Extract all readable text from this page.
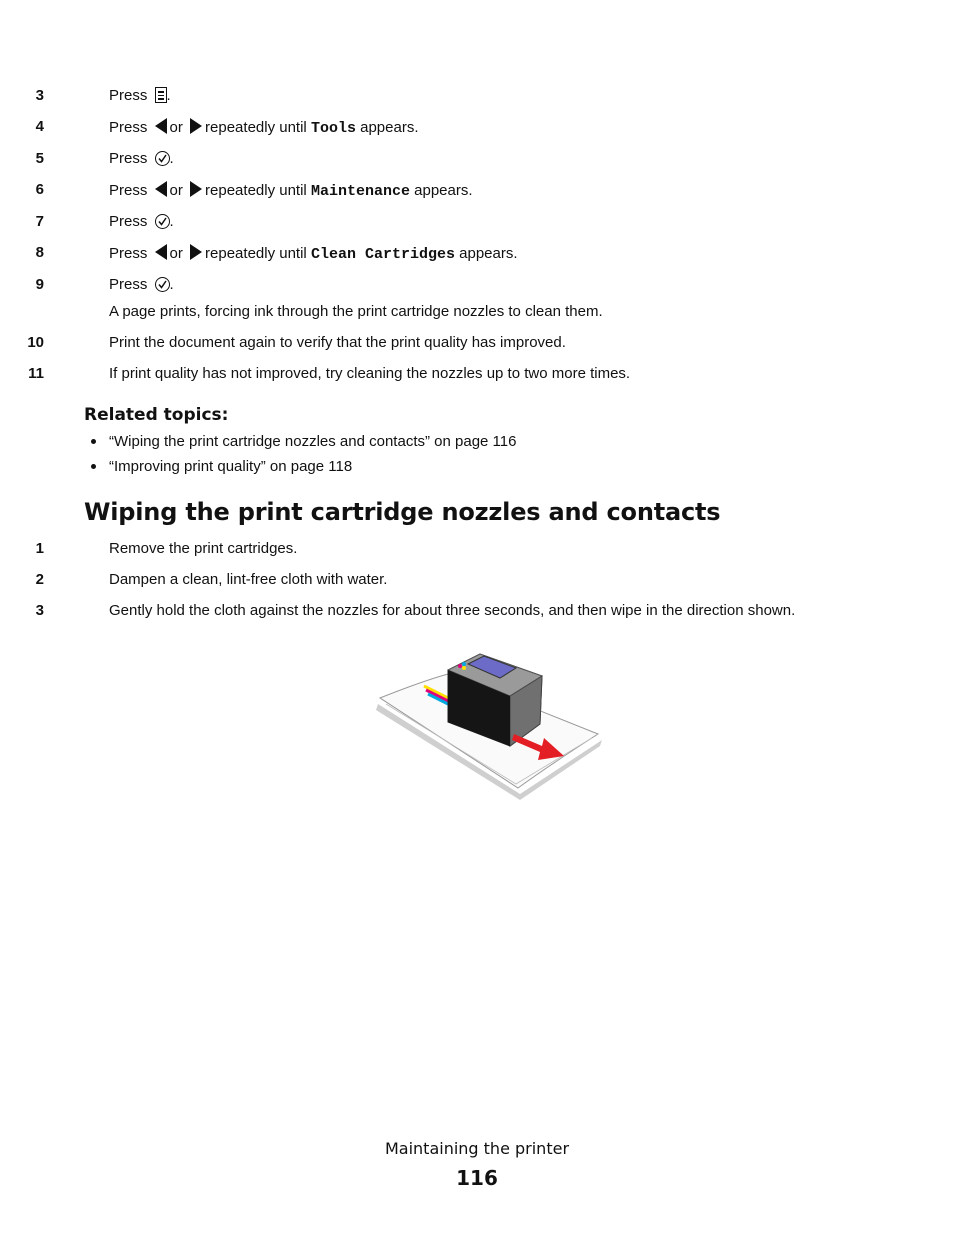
3	Press .
4	Press or repeatedly until Tools appears.
5	Press .
6	Press or repeatedly until Maintenance appears.
7	Press .
8	Press or repeatedly until Clean Cartridges appears.
9	Press .
A page prints, forcing ink through the print cartridge nozzles to clean them.
10	Print the document again to verify that the print quality has improved.
11	If print quality has not improved, try cleaning the nozzles up to two more times.
Related topics:
“Wiping the print cartridge nozzles and contacts” on page 116
“Improving print quality” on page 118
Wiping the print cartridge nozzles and contacts
1	Remove the print cartridges.
2	Dampen a clean, lint-free cloth with water.
3	Gently hold the cloth against the nozzles for about three seconds, and then wipe in the direction shown.
Maintaining the printer
116
